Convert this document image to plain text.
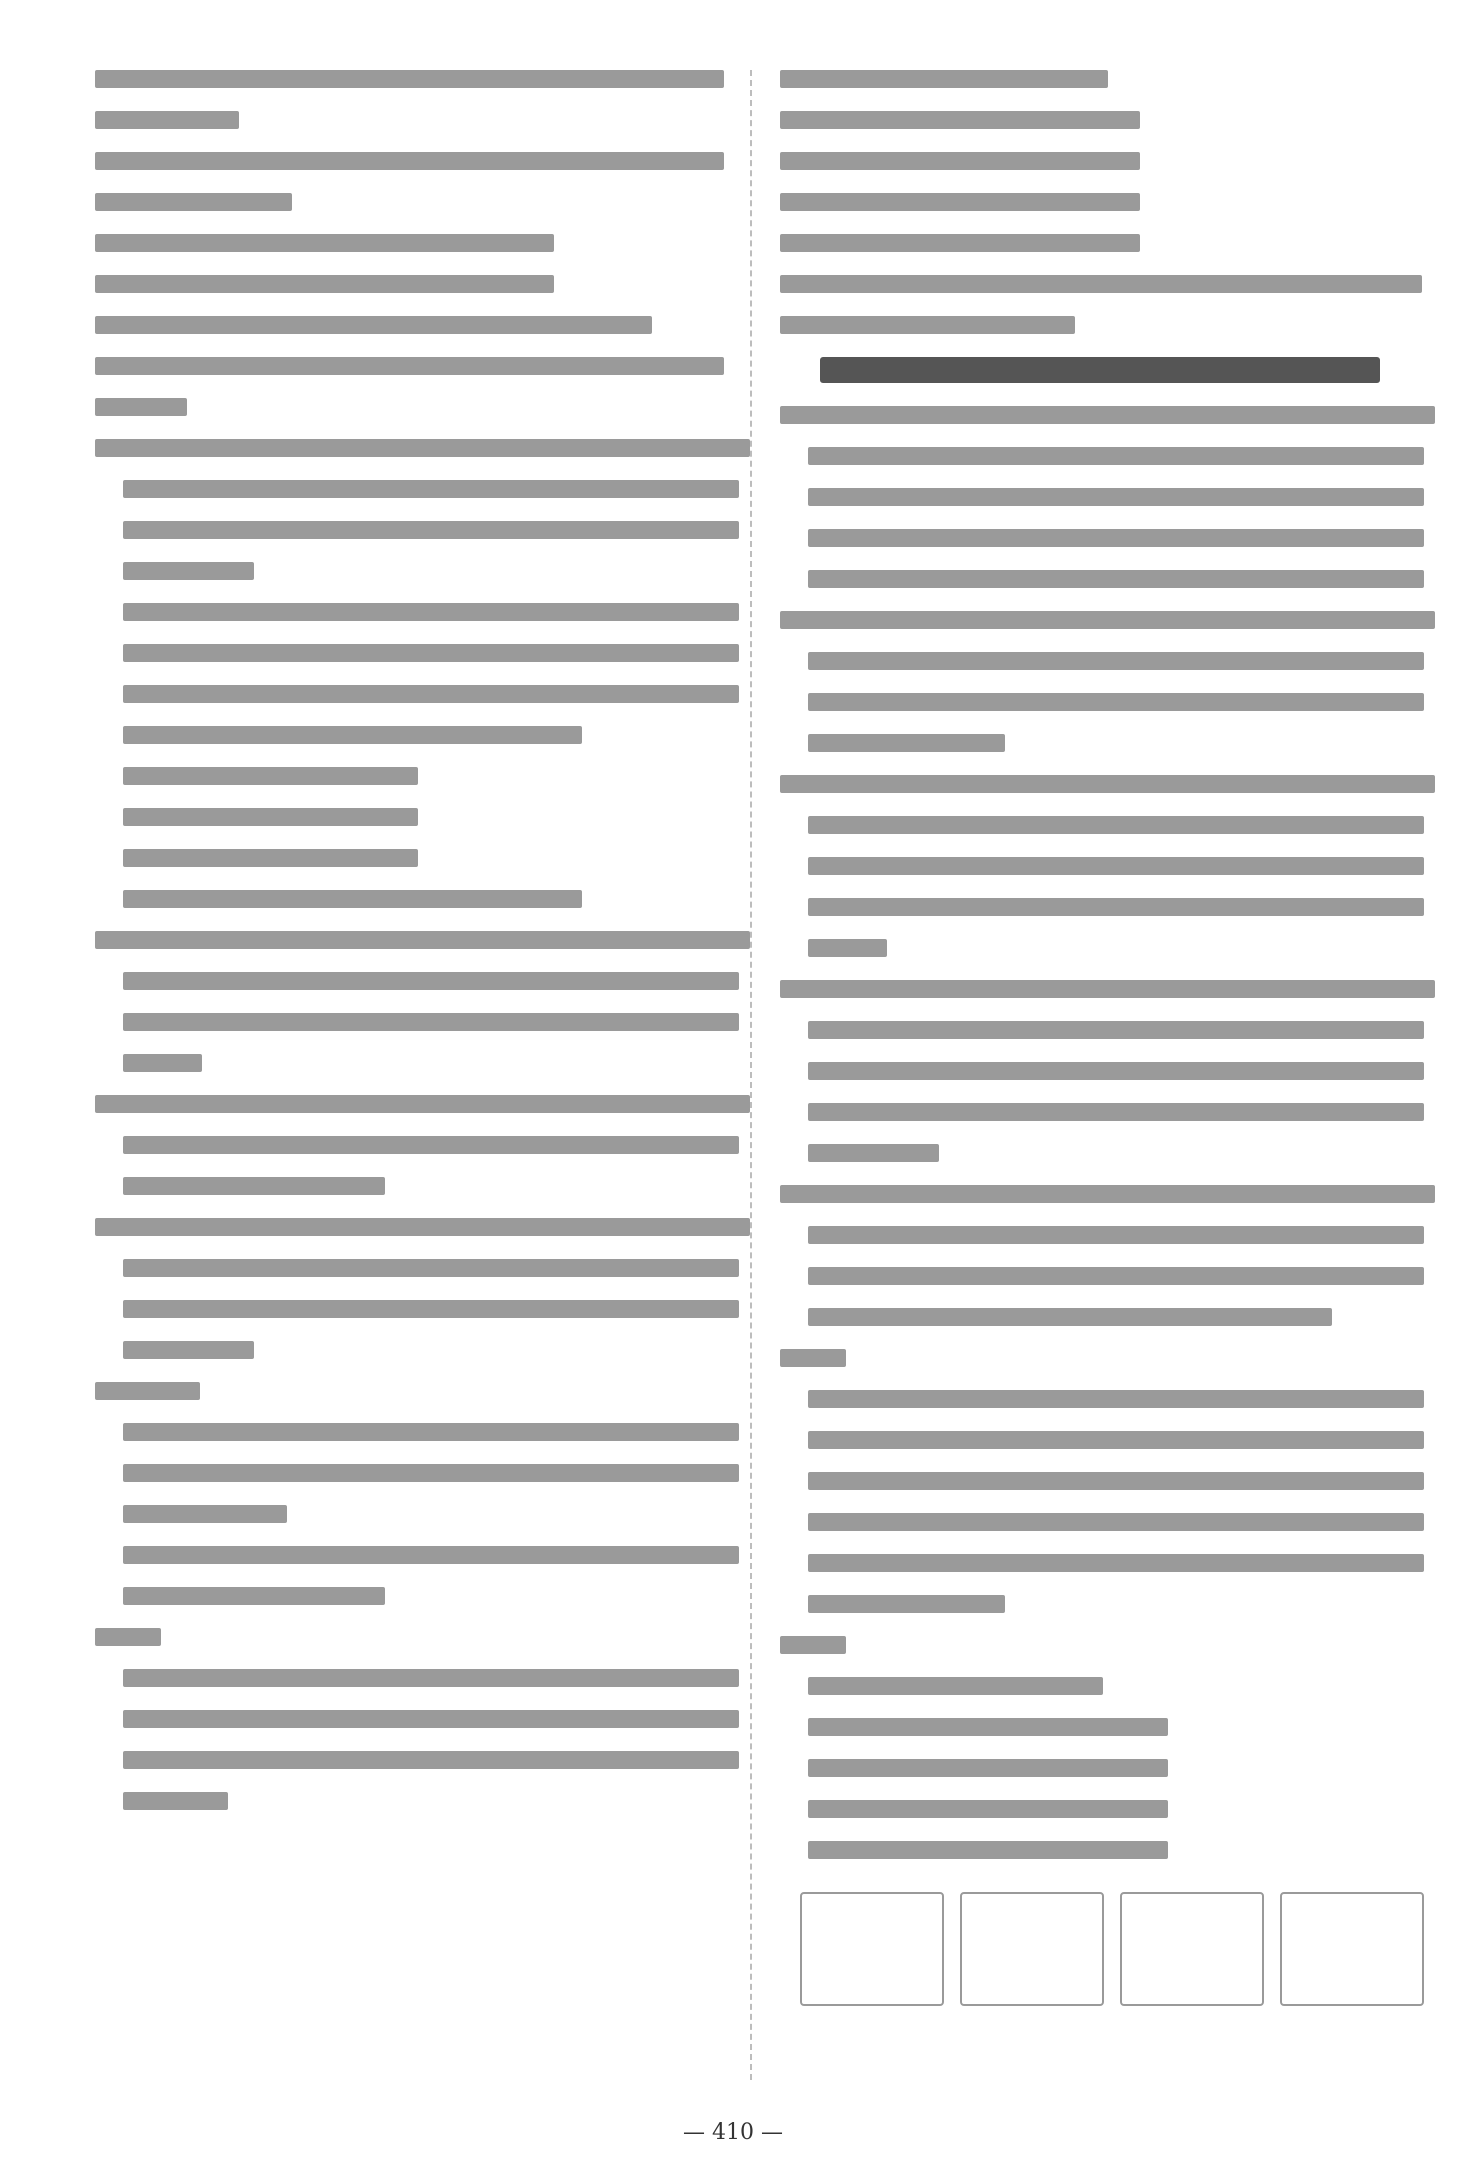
— 410 —
